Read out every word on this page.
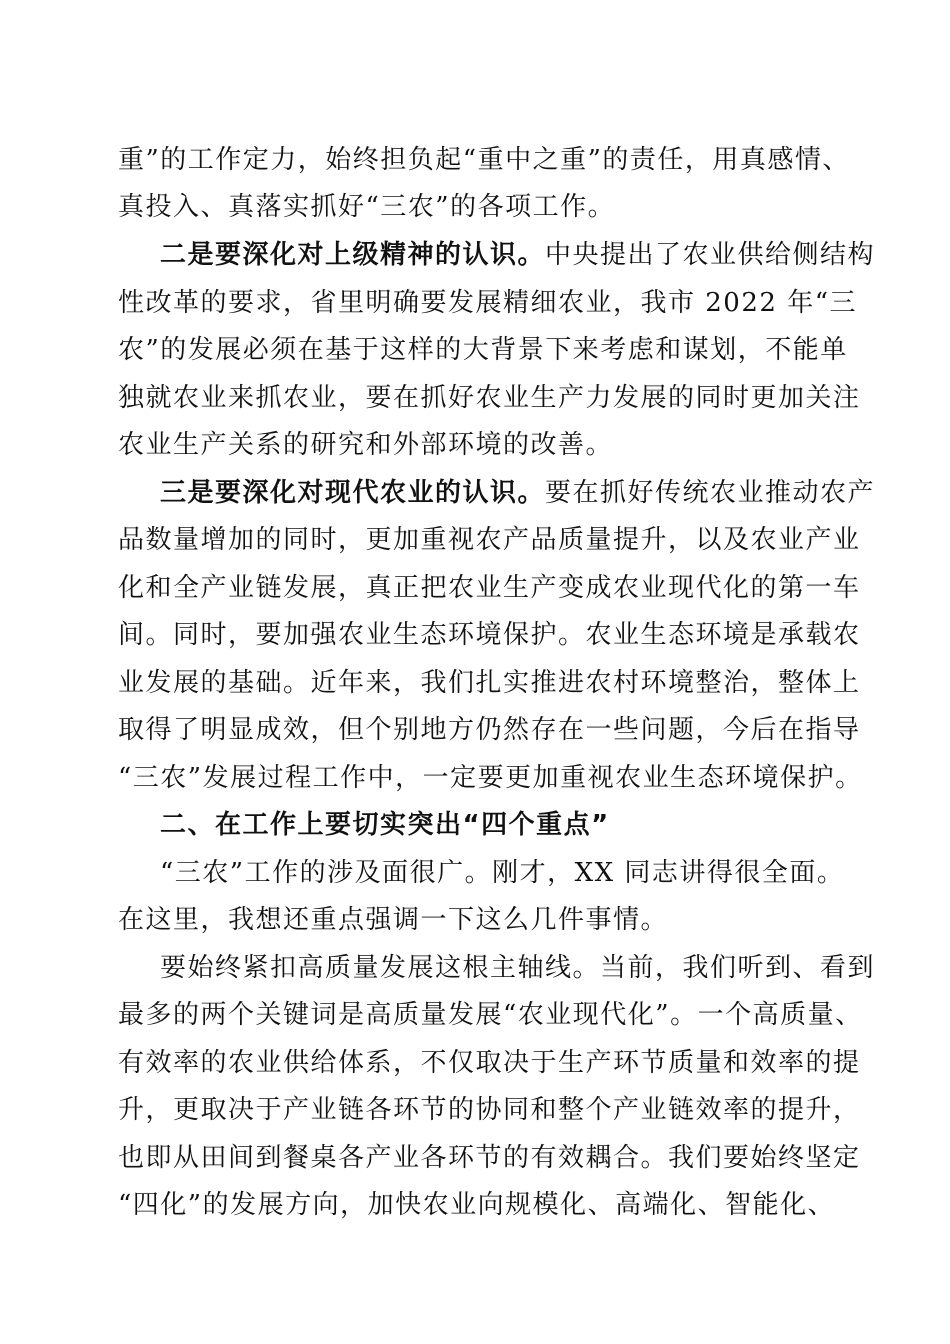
重”的工作定力，始终担负起“重中之重”的责任，用真感情、
真投入、真落实抓好“三农”的各项工作。
二是要深化对上级精神的认识。中央提出了农业供给侧结构
性改革的要求，省里明确要发展精细农业，我市 2022 年“三
农”的发展必须在基于这样的大背景下来考虑和谋划，不能单
独就农业来抓农业，要在抓好农业生产力发展的同时更加关注
农业生产关系的研究和外部环境的改善。
三是要深化对现代农业的认识。要在抓好传统农业推动农产
品数量增加的同时，更加重视农产品质量提升，以及农业产业
化和全产业链发展，真正把农业生产变成农业现代化的第一车
间。同时，要加强农业生态环境保护。农业生态环境是承载农
业发展的基础。近年来，我们扎实推进农村环境整治，整体上
取得了明显成效，但个别地方仍然存在一些问题，今后在指导
“三农”发展过程工作中，一定要更加重视农业生态环境保护。
二、在工作上要切实突出“四个重点”
“三农”工作的涉及面很广。刚才，XX 同志讲得很全面。
在这里，我想还重点强调一下这么几件事情。
要始终紧扣高质量发展这根主轴线。当前，我们听到、看到
最多的两个关键词是高质量发展“农业现代化”。一个高质量、
有效率的农业供给体系，不仅取决于生产环节质量和效率的提
升，更取决于产业链各环节的协同和整个产业链效率的提升，
也即从田间到餐桌各产业各环节的有效耦合。我们要始终坚定
“四化”的发展方向，加快农业向规模化、高端化、智能化、
